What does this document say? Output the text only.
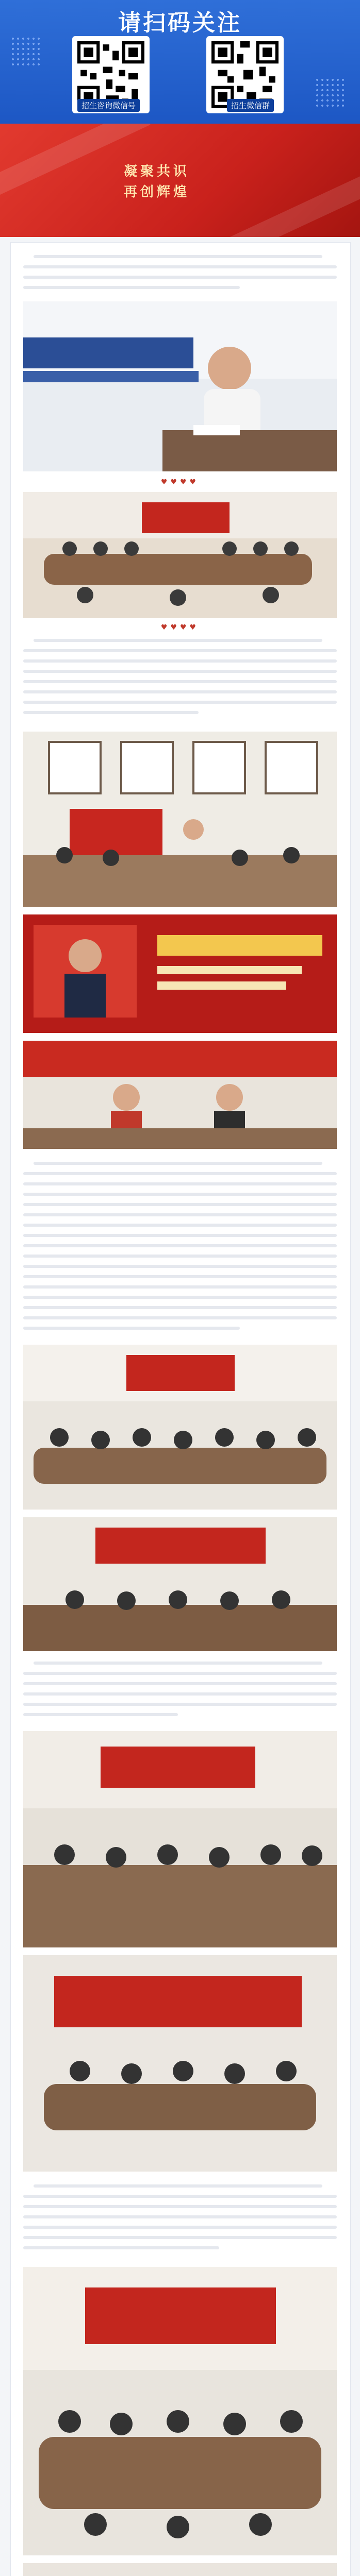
请扫码关注
招生咨询微信号	招生微信群
凝聚共识
再创辉煌
♥♥♥♥
♥♥♥♥
